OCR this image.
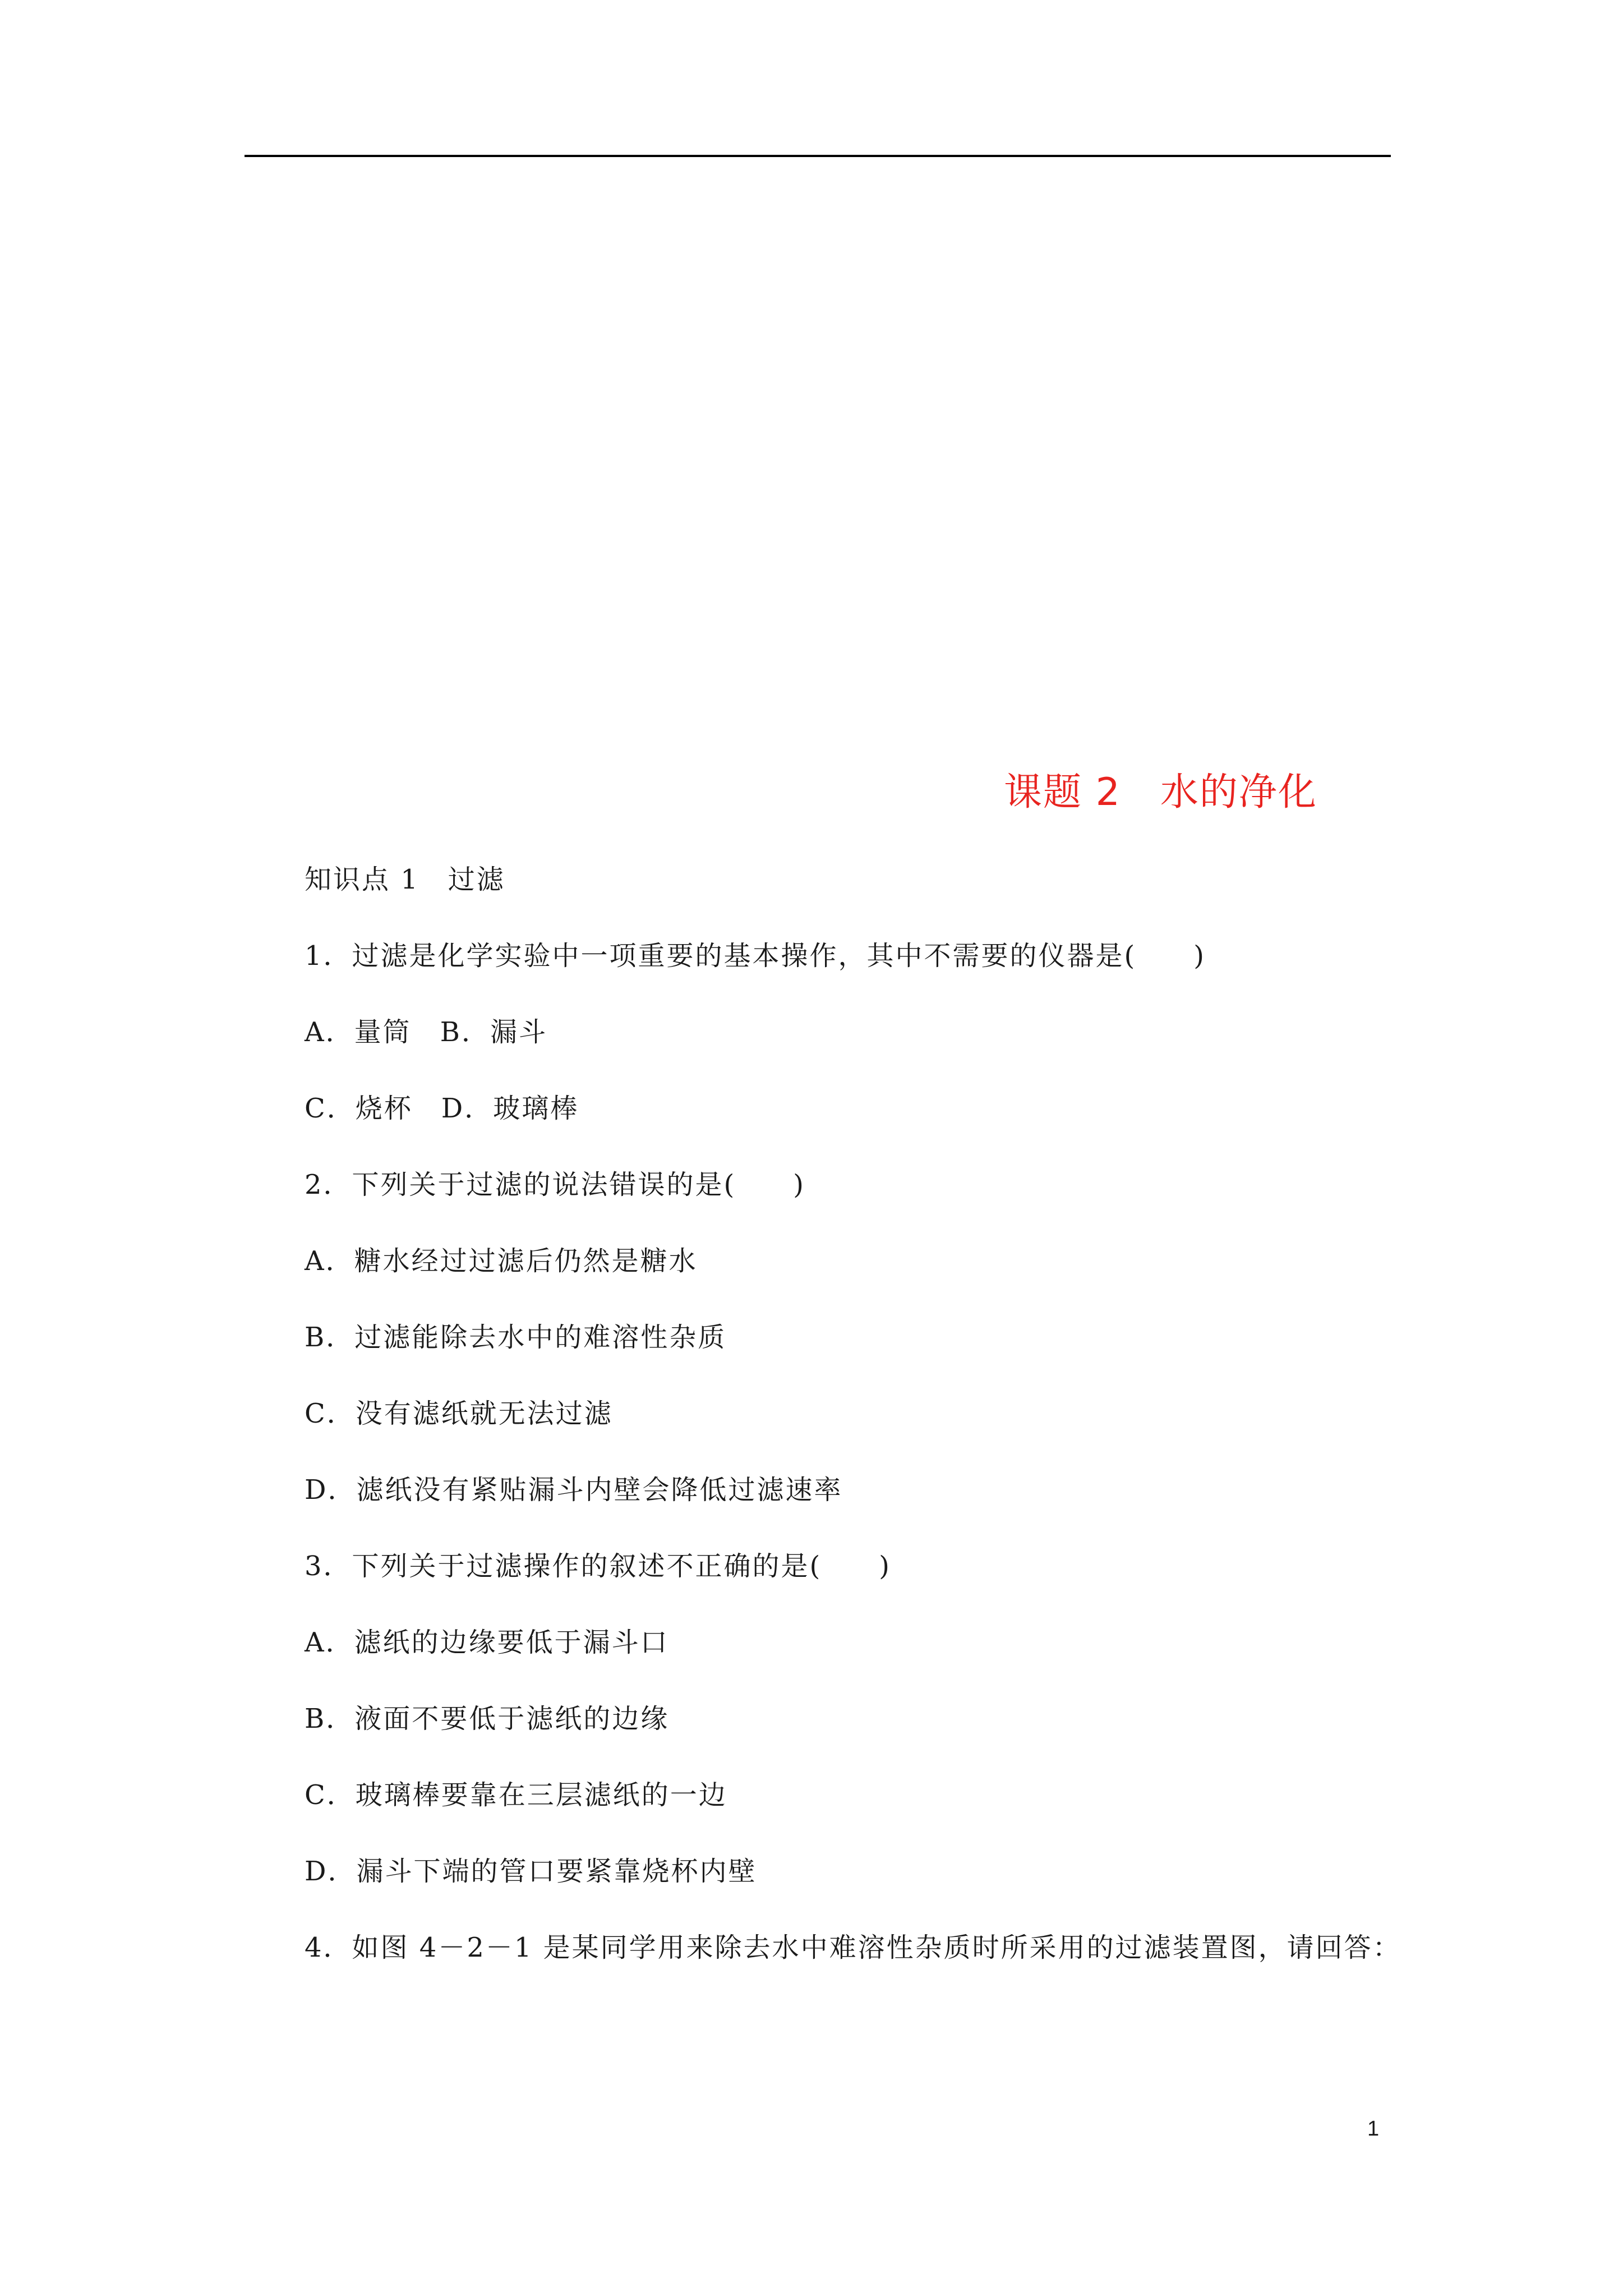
课题 2　水的净化
知识点 1　过滤
1．过滤是化学实验中一项重要的基本操作，其中不需要的仪器是(　　)
A．量筒　B．漏斗
C．烧杯　D．玻璃棒
2．下列关于过滤的说法错误的是(　　)
A．糖水经过过滤后仍然是糖水
B．过滤能除去水中的难溶性杂质
C．没有滤纸就无法过滤
D．滤纸没有紧贴漏斗内壁会降低过滤速率
3．下列关于过滤操作的叙述不正确的是(　　)
A．滤纸的边缘要低于漏斗口
B．液面不要低于滤纸的边缘
C．玻璃棒要靠在三层滤纸的一边
D．漏斗下端的管口要紧靠烧杯内壁
4．如图 4－2－1 是某同学用来除去水中难溶性杂质时所采用的过滤装置图，请回答：
1
